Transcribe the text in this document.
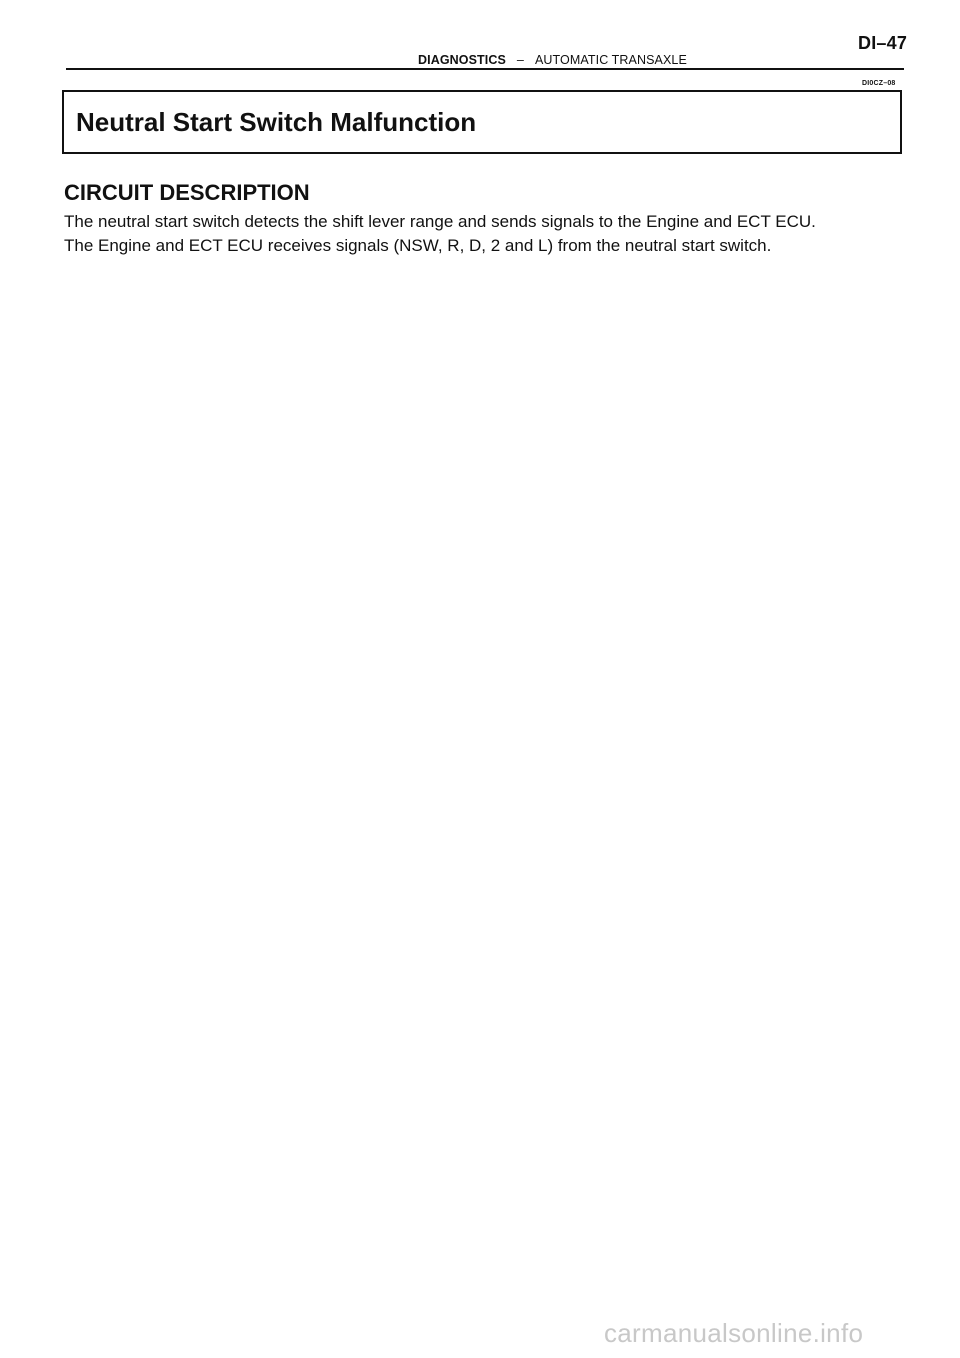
DI–47
DIAGNOSTICS – AUTOMATIC TRANSAXLE
DI0CZ–08
Neutral Start Switch Malfunction
CIRCUIT DESCRIPTION
The neutral start switch detects the shift lever range and sends signals to the Engine and ECT ECU.
The Engine and ECT ECU receives signals (NSW, R, D, 2 and L) from the neutral start switch.
carmanualsonline.info
